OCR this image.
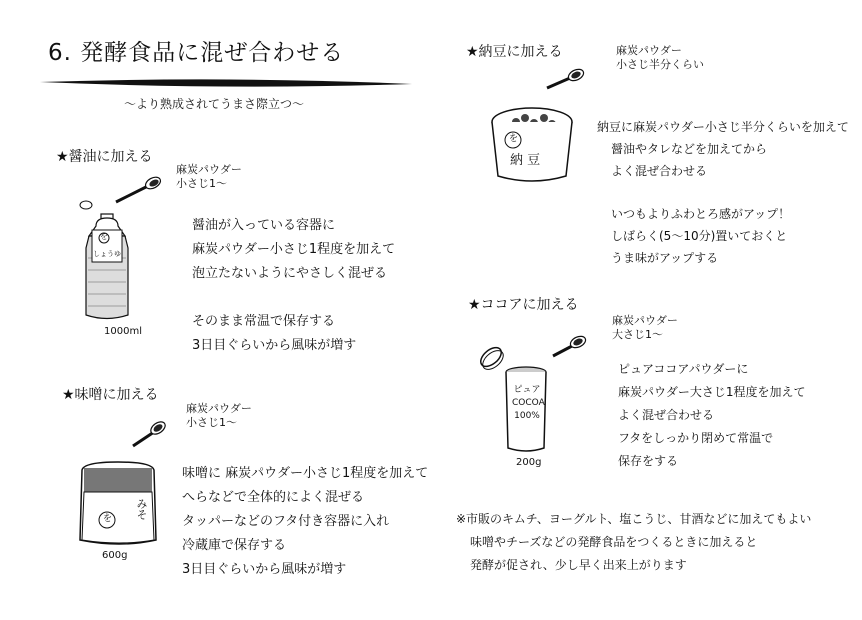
6. 発酵食品に混ぜ合わせる
～より熟成されてうまさ際立つ～
★醤油に加える
麻炭パウダー
小さじ1～
を
しょうゆ
1000ml
醤油が入っている容器に
麻炭パウダー小さじ1程度を加えて
泡立たないようにやさしく混ぜる
そのまま常温で保存する
3日目ぐらいから風味が増す
★味噌に加える
麻炭パウダー
小さじ1～
を みそ
600g
味噌に 麻炭パウダー小さじ1程度を加えて
へらなどで全体的によく混ぜる
タッパーなどのフタ付き容器に入れ
冷蔵庫で保存する
3日目ぐらいから風味が増す
★納豆に加える	麻炭パウダー
小さじ半分くらい
を
納 豆
納豆に麻炭パウダー小さじ半分くらいを加えて
醤油やタレなどを加えてから
よく混ぜ合わせる
いつもよりふわとろ感がアップ！
しばらく(5～10分)置いておくと
うま味がアップする
★ココアに加える
麻炭パウダー
大さじ1～
ピュア
COCOA
100%
200g
ピュアココアパウダーに
麻炭パウダー大さじ1程度を加えて
よく混ぜ合わせる
フタをしっかり閉めて常温で
保存をする
※市販のキムチ、ヨーグルト、塩こうじ、甘酒などに加えてもよい
味噌やチーズなどの発酵食品をつくるときに加えると
発酵が促され、少し早く出来上がります
